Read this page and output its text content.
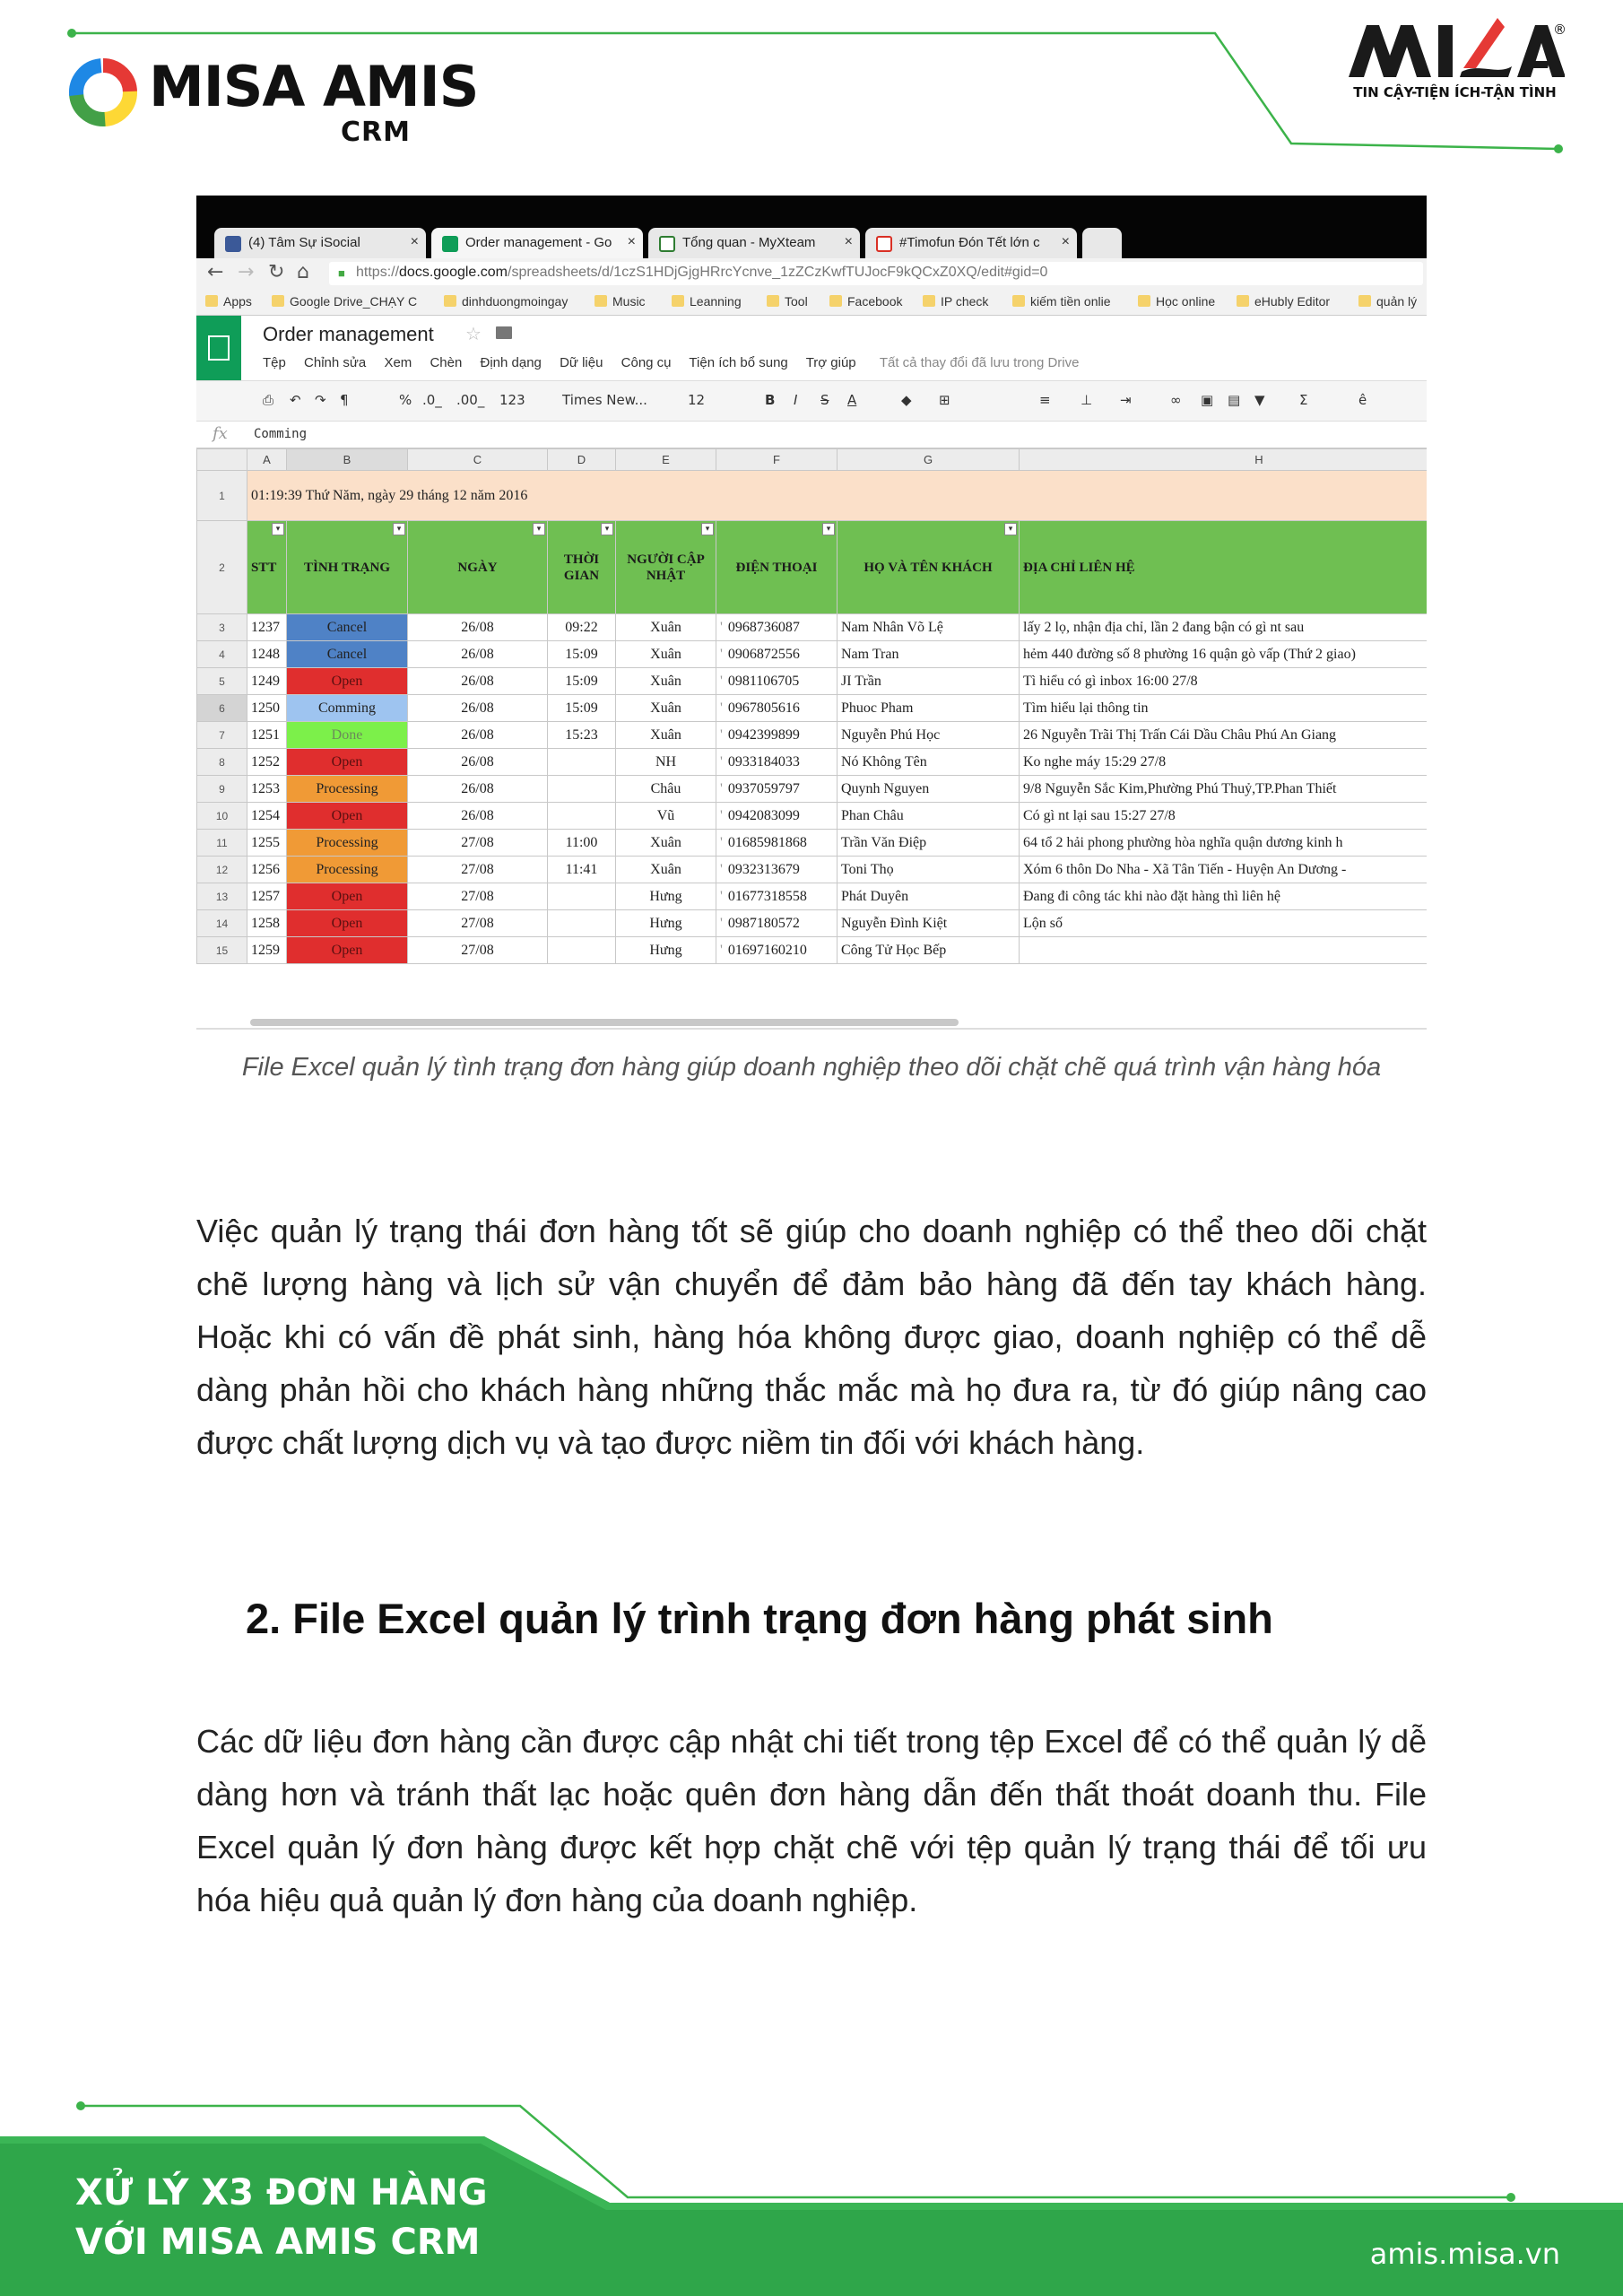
MISA AMIS
CRM
®
TIN CẬY-TIỆN ÍCH-TẬN TÌNH
(4) Tâm Sự iSocial	×	Order management - Go ×	Tổng quan - MyXteam ×	#Timofun Đón Tết lớn c ×
← → ↻ ⌂ ■ https://docs.google.com/spreadsheets/d/1czS1HDjGjgHRrcYcnve_1zZCzKwfTUJocF9kQCxZ0XQ/edit#gid=0
Apps	Google Drive_CHẠY C	dinhduongmoingay	Music	Leanning	Tool	Facebook	IP check	kiếm tiền onlie	Học online	eHubly Editor	quản lý
Order management ☆
Tệp Chỉnh sửa Xem Chèn Định dạng Dữ liệu Công cụ Tiện ích bổ sung Trợ giúp Tất cả thay đổi đã lưu trong Drive
⎙ ↶ ↷ ¶	% .0_ .00_ 123	Times New...	12	B I S A	◆ ⊞	≡ ⊥ ⇥	∞ ▣ ▤ ▼	Σ	ê
fx Comming
	A	B	C	D	E	F	G	H
1	01:19:39 Thứ Năm, ngày 29 tháng 12 năm 2016							
2	▾
STT	▾
TÌNH TRẠNG	▾
NGÀY	▾
THỜI GIAN	▾
NGƯỜI CẬP NHẬT	▾
ĐIỆN THOẠI	▾
HỌ VÀ TÊN KHÁCH	ĐỊA CHỈ LIÊN HỆ
3	1237	Cancel	26/08	09:22	Xuân	' 0968736087	Nam Nhân Võ Lệ	lấy 2 lọ, nhận địa chỉ, lần 2 đang bận có gì nt sau
4	1248	Cancel	26/08	15:09	Xuân	' 0906872556	Nam Tran	hẻm 440 đường số 8 phường 16 quận gò vấp (Thứ 2 giao)
5	1249	Open	26/08	15:09	Xuân	' 0981106705	JI Trần	Tì hiểu có gì inbox 16:00 27/8
6	1250	Comming	26/08	15:09	Xuân	' 0967805616	Phuoc Pham	Tìm hiểu lại thông tin
7	1251	Done	26/08	15:23	Xuân	' 0942399899	Nguyễn Phú Học	26 Nguyễn Trãi Thị Trấn Cái Dầu Châu Phú An Giang
8	1252	Open	26/08		NH	' 0933184033	Nó Không Tên	Ko nghe máy 15:29 27/8
9	1253	Processing	26/08		Châu	' 0937059797	Quynh Nguyen	9/8 Nguyễn Sắc Kim,Phường Phú Thuỷ,TP.Phan Thiết
10	1254	Open	26/08		Vũ	' 0942083099	Phan Châu	Có gì nt lại sau 15:27 27/8
11	1255	Processing	27/08	11:00	Xuân	' 01685981868	Trần Văn Điệp	64 tổ 2 hải phong phường hòa nghĩa quận dương kinh h
12	1256	Processing	27/08	11:41	Xuân	' 0932313679	Toni Thọ	Xóm 6 thôn Do Nha - Xã Tân Tiến - Huyện An Dương -
13	1257	Open	27/08		Hưng	' 01677318558	Phát Duyên	Đang đi công tác khi nào đặt hàng thì liên hệ
14	1258	Open	27/08		Hưng	' 0987180572	Nguyễn Đình Kiệt	Lộn số
15	1259	Open	27/08		Hưng	' 01697160210	Công Tử Học Bếp	
File Excel quản lý tình trạng đơn hàng giúp doanh nghiệp theo dõi chặt chẽ quá trình vận hàng hóa

Việc quản lý trạng thái đơn hàng tốt sẽ giúp cho doanh nghiệp có thể theo dõi chặt chẽ lượng hàng và lịch sử vận chuyển để đảm bảo hàng đã đến tay khách hàng. Hoặc khi có vấn đề phát sinh, hàng hóa không được giao, doanh nghiệp có thể dễ dàng phản hồi cho khách hàng những thắc mắc mà họ đưa ra, từ đó giúp nâng cao được chất lượng dịch vụ và tạo được niềm tin đối với khách hàng.

2. File Excel quản lý trình trạng đơn hàng phát sinh

Các dữ liệu đơn hàng cần được cập nhật chi tiết trong tệp Excel để có thể quản lý dễ dàng hơn và tránh thất lạc hoặc quên đơn hàng dẫn đến thất thoát doanh thu. File Excel quản lý đơn hàng được kết hợp chặt chẽ với tệp quản lý trạng thái để tối ưu hóa hiệu quả quản lý đơn hàng của doanh nghiệp.

XỬ LÝ X3 ĐƠN HÀNG
VỚI MISA AMIS CRM	amis.misa.vn
